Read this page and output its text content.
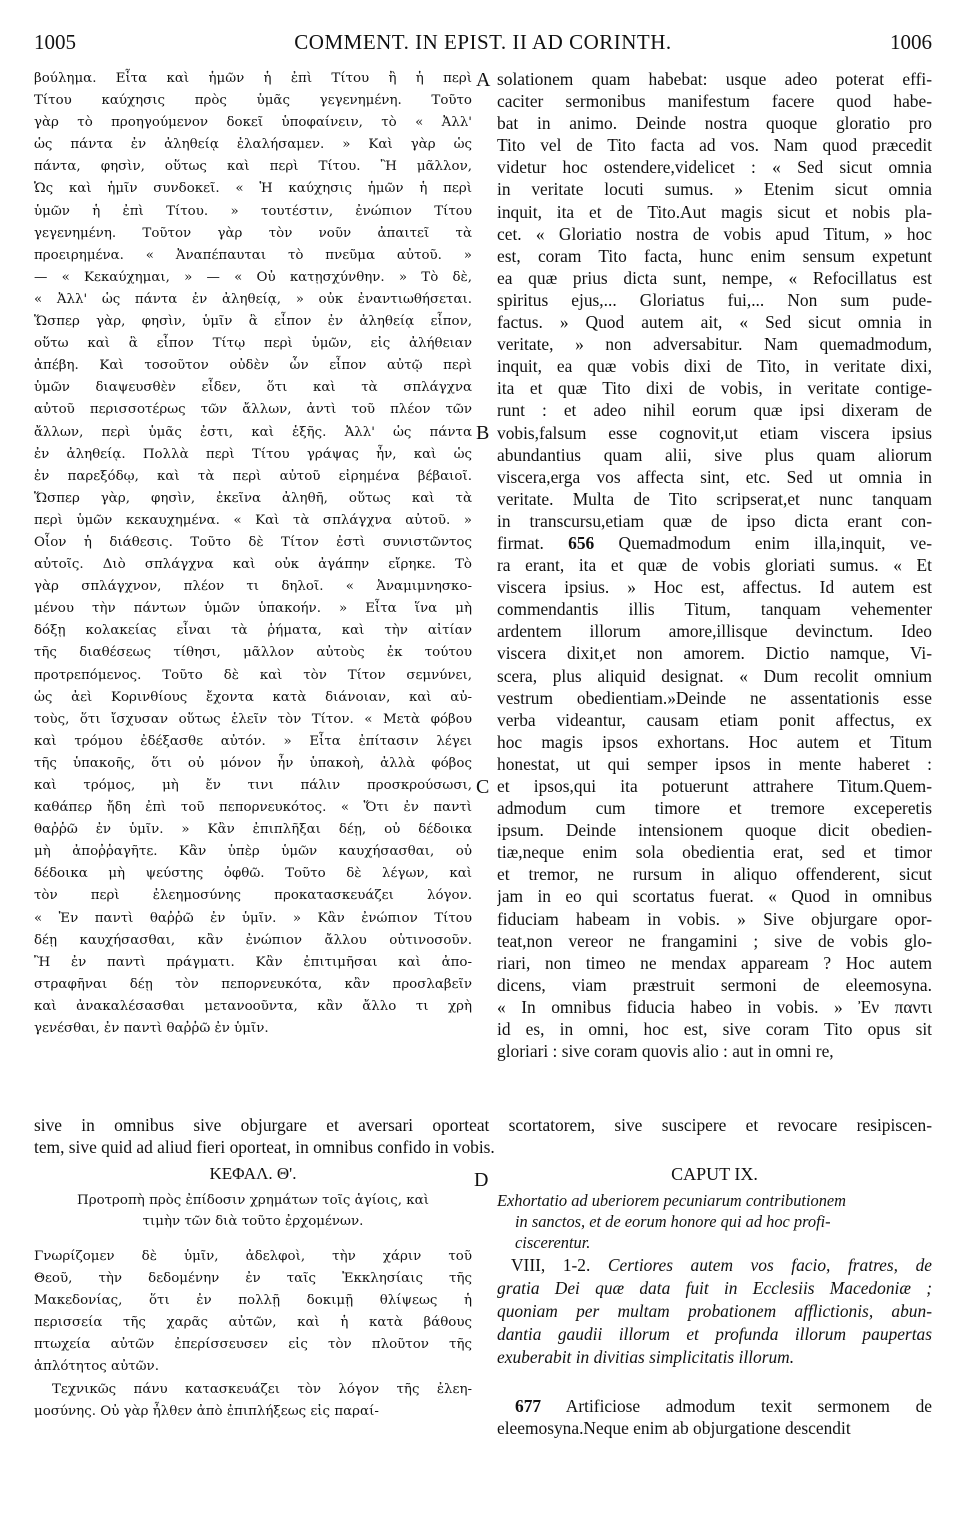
1005	COMMENT. IN EPIST. II AD CORINTH.	1006
βούλημα. Εἶτα καὶ ἡμῶν ἡ ἐπὶ Τίτου ἢ ἡ περὶ
Τίτου καύχησις πρὸς ὑμᾶς γεγενημένη. Τοῦτο
γὰρ τὸ προηγούμενον δοκεῖ ὑποφαίνειν, τὸ « Ἀλλ'
ὡς πάντα ἐν ἀληθείᾳ ἐλαλήσαμεν. » Καὶ γὰρ ὡς
πάντα, φησὶν, οὕτως καὶ περὶ Τίτου. Ἢ μᾶλλον,
Ὡς καὶ ἡμῖν συνδοκεῖ. « Ἡ καύχησις ἡμῶν ἡ περὶ
ὑμῶν ἡ ἐπὶ Τίτου. » τουτέστιν, ἐνώπιον Τίτου
γεγενημένη. Τοῦτον γὰρ τὸν νοῦν ἀπαιτεῖ τὰ
προειρημένα. « Ἀναπέπαυται τὸ πνεῦμα αὐτοῦ. »
— « Κεκαύχημαι, » — « Οὐ κατῃσχύνθην. » Τὸ δὲ,
« Ἀλλ' ὡς πάντα ἐν ἀληθείᾳ, » οὐκ ἐναντιωθήσεται.
Ὥσπερ γὰρ, φησὶν, ὑμῖν ἃ εἶπον ἐν ἀληθείᾳ εἶπον,
οὕτω καὶ ἃ εἶπον Τίτῳ περὶ ὑμῶν, εἰς ἀλήθειαν
ἀπέβη. Καὶ τοσοῦτον οὐδὲν ὧν εἶπον αὐτῷ περὶ
ὑμῶν διαψευσθὲν εἶδεν, ὅτι καὶ τὰ σπλάγχνα
αὐτοῦ περισσοτέρως τῶν ἄλλων, ἀντὶ τοῦ πλέον τῶν
ἄλλων, περὶ ὑμᾶς ἐστι, καὶ ἑξῆς. Ἀλλ' ὡς πάντα
ἐν ἀληθείᾳ. Πολλὰ περὶ Τίτου γράψας ἦν, καὶ ὡς
ἐν παρεξόδῳ, καὶ τὰ περὶ αὐτοῦ εἰρημένα βέβαιοῖ.
Ὥσπερ γὰρ, φησὶν, ἐκεῖνα ἀληθῆ, οὕτως καὶ τὰ
περὶ ὑμῶν κεκαυχημένα. « Καὶ τὰ σπλάγχνα αὐτοῦ. »
Οἷον ἡ διάθεσις. Τοῦτο δὲ Τίτον ἐστὶ συνιστῶντος
αὐτοῖς. Διὸ σπλάγχνα καὶ οὐκ ἀγάπην εἴρηκε. Τὸ
γὰρ σπλάγχνον, πλέον τι δηλοῖ. « Ἀναμιμνησκο-
μένου τὴν πάντων ὑμῶν ὑπακοήν. » Εἶτα ἵνα μὴ
δόξῃ κολακείας εἶναι τὰ ῥήματα, καὶ τὴν αἰτίαν
τῆς διαθέσεως τίθησι, μᾶλλον αὐτοὺς ἐκ τούτου
προτρεπόμενος. Τοῦτο δὲ καὶ τὸν Τίτον σεμνύνει,
ὡς ἀεὶ Κορινθίους ἔχοντα κατὰ διάνοιαν, καὶ αὐ-
τοὺς, ὅτι ἴσχυσαν οὕτως ἑλεῖν τὸν Τίτον. « Μετὰ φόβου
καὶ τρόμου ἐδέξασθε αὐτόν. » Εἶτα ἐπίτασιν λέγει
τῆς ὑπακοῆς, ὅτι οὐ μόνον ἦν ὑπακοὴ, ἀλλὰ φόβος
καὶ τρόμος, μὴ ἔν τινι πάλιν προσκρούσωσι,
καθάπερ ἤδη ἐπὶ τοῦ πεπορνευκότος. « Ὅτι ἐν παντὶ
θαῤῥῶ ἐν ὑμῖν. » Κἂν ἐπιπλῆξαι δέῃ, οὐ δέδοικα
μὴ ἀποῤῥαγῆτε. Κἂν ὑπὲρ ὑμῶν καυχήσασθαι, οὐ
δέδοικα μὴ ψεύστης ὀφθῶ. Τοῦτο δὲ λέγων, καὶ
τὸν περὶ ἐλεημοσύνης προκατασκευάζει λόγον.
« Ἐν παντὶ θαῤῥῶ ἐν ὑμῖν. » Κἂν ἐνώπιον Τίτου
δέῃ καυχήσασθαι, κἂν ἐνώπιον ἄλλου οὑτινοσοῦν.
Ἢ ἐν παντὶ πράγματι. Κἂν ἐπιτιμῆσαι καὶ ἀπο-
στραφῆναι δέῃ τὸν πεπορνευκότα, κἂν προσλαβεῖν
καὶ ἀνακαλέσασθαι μετανοοῦντα, κἂν ἄλλο τι χρὴ
γενέσθαι, ἐν παντὶ θαῤῥῶ ἐν ὑμῖν.
solationem quam habebat: usque adeo poterat effi-
caciter sermonibus manifestum facere quod habe-
bat in animo. Deinde nostra quoque gloratio pro
Tito vel de Tito facta ad vos. Nam quod præcedit
videtur hoc ostendere,videlicet : « Sed sicut omnia
in veritate locuti sumus. » Etenim sicut omnia
inquit, ita et de Tito.Aut magis sicut et nobis pla-
cet. « Gloriatio nostra de vobis apud Titum, » hoc
est, coram Tito facta, hunc enim sensum expetunt
ea quæ prius dicta sunt, nempe, « Refocillatus est
spiritus ejus,... Gloriatus fui,... Non sum pude-
factus. » Quod autem ait, « Sed sicut omnia in
veritate, » non adversabitur. Nam quemadmodum,
inquit, ea quæ vobis dixi de Tito, in veritate dixi,
ita et quæ Tito dixi de vobis, in veritate contige-
runt : et adeo nihil eorum quæ ipsi dixeram de
vobis,falsum esse cognovit,ut etiam viscera ipsius
abundantius quam alii, sive plus quam aliorum
viscera,erga vos affecta sint, etc. Sed ut omnia in
veritate. Multa de Tito scripserat,et nunc tanquam
in transcursu,etiam quæ de ipso dicta erant con-
firmat. 656 Quemadmodum enim illa,inquit, ve-
ra erant, ita et quæ de vobis gloriati sumus. « Et
viscera ipsius. » Hoc est, affectus. Id autem est
commendantis illis Titum, tanquam vehementer
ardentem illorum amore,illisque devinctum. Ideo
viscera dixit,et non amorem. Dictio namque, Vi-
scera, plus aliquid designat. « Dum recolit omnium
vestrum obedientiam.»Deinde ne assentationis esse
verba videantur, causam etiam ponit affectus, ex
hoc magis ipsos exhortans. Hoc autem et Titum
honestat, ut qui semper ipsos in mente haberet :
et ipsos,qui ita potuerunt attrahere Titum.Quem-
admodum cum timore et tremore exceperetis
ipsum. Deinde intensionem quoque dicit obedien-
tiæ,neque enim sola obedientia erat, sed et timor
et tremor, ne rursum in aliquo offenderent, sicut
jam in eo qui scortatus fuerat. « Quod in omnibus
fiduciam habeam in vobis. » Sive objurgare opor-
teat,non vereor ne frangamini ; sive de vobis glo-
riari, non timeo ne mendax appaream ? Hoc autem
dicens, viam præstruit sermoni de eleemosyna.
« In omnibus fiducia habeo in vobis. » Ἐν παντι
id es, in omni, hoc est, sive coram Tito opus sit
gloriari : sive coram quovis alio : aut in omni re,
A
B
C
D
sive in omnibus sive objurgare et aversari oporteat scortatorem, sive suscipere et revocare resipiscen-
tem, sive quid ad aliud fieri oporteat, in omnibus confido in vobis.
ΚΕΦΑΛ. Θ'.
Προτροπὴ πρὸς ἐπίδοσιν χρημάτων τοῖς ἁγίοις, καὶ
τιμὴν τῶν διὰ τοῦτο ἐρχομένων.
Γνωρίζομεν δὲ ὑμῖν, ἀδελφοὶ, τὴν χάριν τοῦ
Θεοῦ, τὴν δεδομένην ἐν ταῖς Ἐκκλησίαις τῆς
Μακεδονίας, ὅτι ἐν πολλῇ δοκιμῇ θλίψεως ἡ
περισσεία τῆς χαρᾶς αὐτῶν, καὶ ἡ κατὰ βάθους
πτωχεία αὐτῶν ἐπερίσσευσεν εἰς τὸν πλοῦτον τῆς
ἁπλότητος αὐτῶν.
Τεχνικῶς πάνυ κατασκευάζει τὸν λόγον τῆς ἐλεη-
μοσύνης. Οὐ γὰρ ἦλθεν ἀπὸ ἐπιπλήξεως εἰς παραί-
CAPUT IX.
Exhortatio ad uberiorem pecuniarum contributionem
in sanctos, et de eorum honore qui ad hoc profi-
ciscerentur.
VIII, 1-2. Certiores autem vos facio, fratres, de
gratia Dei quæ data fuit in Ecclesiis Macedoniæ ;
quoniam per multam probationem afflictionis, abun-
dantia gaudii illorum et profunda illorum paupertas
exuberabit in divitias simplicitatis illorum.
677 Artificiose admodum texit sermonem de
eleemosyna.Neque enim ab objurgatione descendit
